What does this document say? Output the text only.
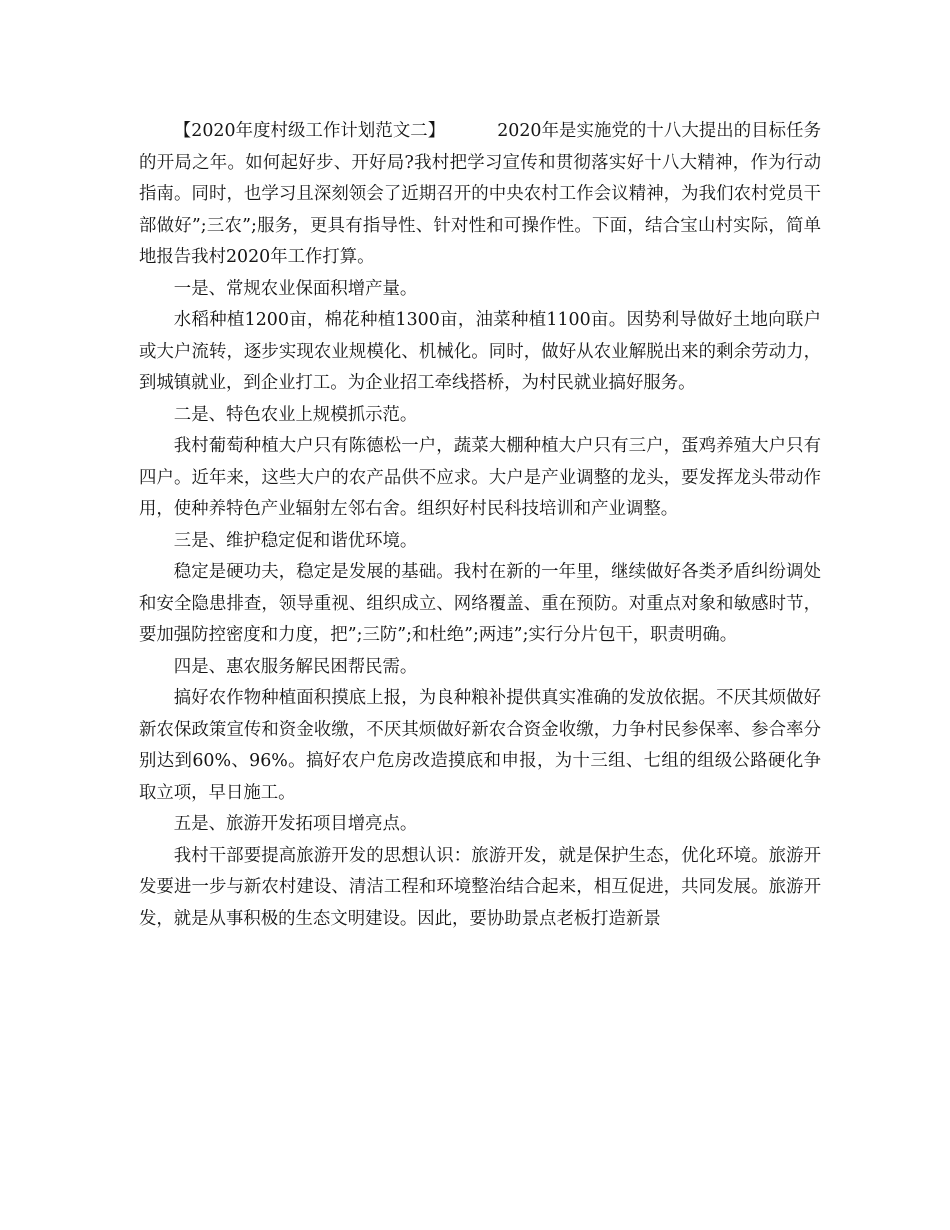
【2020年度村级工作计划范文二】	2020年是实施党的十八大提出的目标任务的开局之年。如何起好步、开好局?我村把学习宣传和贯彻落实好十八大精神，作为行动指南。同时，也学习且深刻领会了近期召开的中央农村工作会议精神，为我们农村党员干部做好”;三农”;服务，更具有指导性、针对性和可操作性。下面，结合宝山村实际，简单地报告我村2020年工作打算。

一是、常规农业保面积增产量。

水稻种植1200亩，棉花种植1300亩，油菜种植1100亩。因势利导做好土地向联户或大户流转，逐步实现农业规模化、机械化。同时，做好从农业解脱出来的剩余劳动力，到城镇就业，到企业打工。为企业招工牵线搭桥，为村民就业搞好服务。

二是、特色农业上规模抓示范。

我村葡萄种植大户只有陈德松一户，蔬菜大棚种植大户只有三户，蛋鸡养殖大户只有四户。近年来，这些大户的农产品供不应求。大户是产业调整的龙头，要发挥龙头带动作用，使种养特色产业辐射左邻右舍。组织好村民科技培训和产业调整。

三是、维护稳定促和谐优环境。

稳定是硬功夫，稳定是发展的基础。我村在新的一年里，继续做好各类矛盾纠纷调处和安全隐患排查，领导重视、组织成立、网络覆盖、重在预防。对重点对象和敏感时节，要加强防控密度和力度，把”;三防”;和杜绝”;两违”;实行分片包干，职责明确。

四是、惠农服务解民困帮民需。

搞好农作物种植面积摸底上报，为良种粮补提供真实准确的发放依据。不厌其烦做好新农保政策宣传和资金收缴，不厌其烦做好新农合资金收缴，力争村民参保率、参合率分别达到60%、96%。搞好农户危房改造摸底和申报，为十三组、七组的组级公路硬化争取立项，早日施工。

五是、旅游开发拓项目增亮点。

我村干部要提高旅游开发的思想认识：旅游开发，就是保护生态，优化环境。旅游开发要进一步与新农村建设、清洁工程和环境整治结合起来，相互促进，共同发展。旅游开发，就是从事积极的生态文明建设。因此，要协助景点老板打造新景
